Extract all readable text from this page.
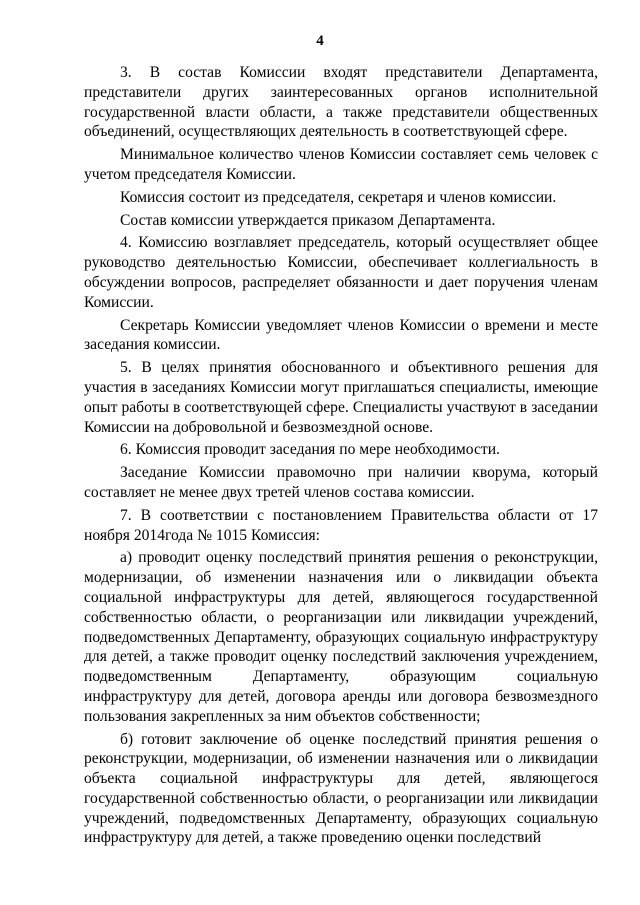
4

3. В состав Комиссии входят представители Департамента, представители других заинтересованных органов исполнительной государственной власти области, а также представители общественных объединений, осуществляющих деятельность в соответствующей сфере.

Минимальное количество членов Комиссии составляет семь человек с учетом председателя Комиссии.

Комиссия состоит из председателя, секретаря и членов комиссии.

Состав комиссии утверждается приказом Департамента.

4. Комиссию возглавляет председатель, который осуществляет общее руководство деятельностью Комиссии, обеспечивает коллегиальность в обсуждении вопросов, распределяет обязанности и дает поручения членам Комиссии.

Секретарь Комиссии уведомляет членов Комиссии о времени и месте заседания комиссии.

5. В целях принятия обоснованного и объективного решения для участия в заседаниях Комиссии могут приглашаться специалисты, имеющие опыт работы в соответствующей сфере. Специалисты участвуют в заседании Комиссии на добровольной и безвозмездной основе.

6. Комиссия проводит заседания по мере необходимости.

Заседание Комиссии правомочно при наличии кворума, который составляет не менее двух третей членов состава комиссии.

7. В соответствии с постановлением Правительства области от 17 ноября 2014года № 1015 Комиссия:

а) проводит оценку последствий принятия решения о реконструкции, модернизации, об изменении назначения или о ликвидации объекта социальной инфраструктуры для детей, являющегося государственной собственностью области, о реорганизации или ликвидации учреждений, подведомственных Департаменту, образующих социальную инфраструктуру для детей, а также проводит оценку последствий заключения учреждением, подведомственным Департаменту, образующим социальную инфраструктуру для детей, договора аренды или договора безвозмездного пользования закрепленных за ним объектов собственности;

б) готовит заключение об оценке последствий принятия решения о реконструкции, модернизации, об изменении назначения или о ликвидации объекта социальной инфраструктуры для детей, являющегося государственной собственностью области, о реорганизации или ликвидации учреждений, подведомственных Департаменту, образующих социальную инфраструктуру для детей, а также проведению оценки последствий
